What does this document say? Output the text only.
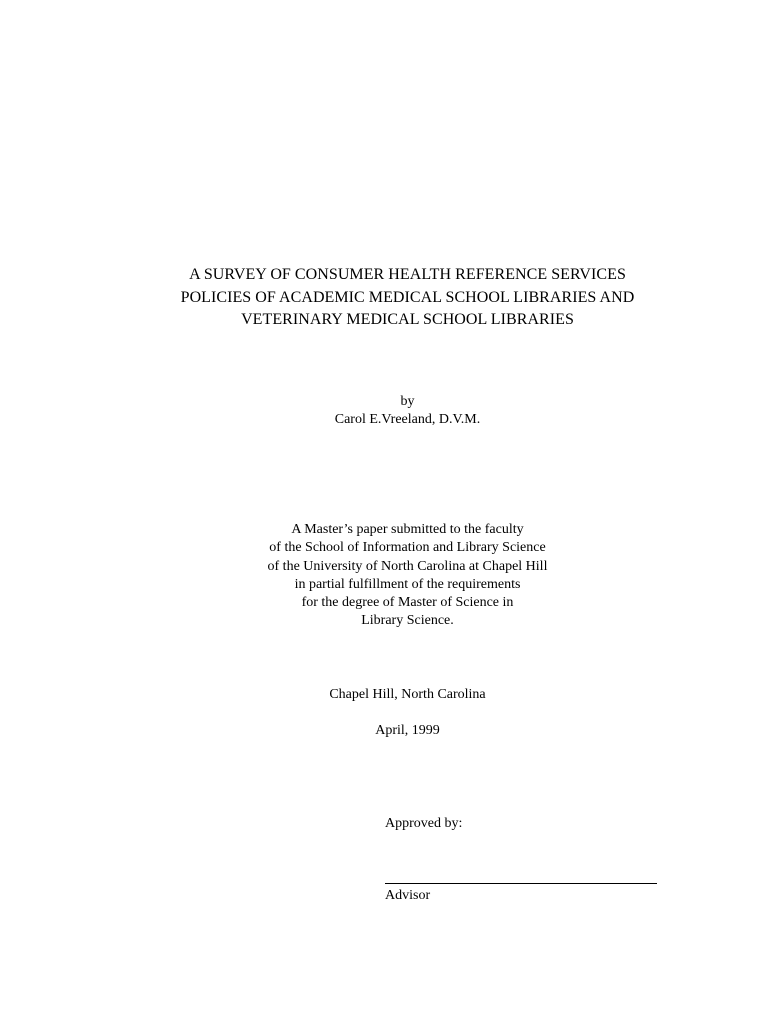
A SURVEY OF CONSUMER HEALTH REFERENCE SERVICES
POLICIES OF ACADEMIC MEDICAL SCHOOL LIBRARIES AND
VETERINARY MEDICAL SCHOOL LIBRARIES
by
Carol E.Vreeland, D.V.M.
A Master’s paper submitted to the faculty
of the School of Information and Library Science
of the University of North Carolina at Chapel Hill
in partial fulfillment of the requirements
for the degree of Master of Science in
Library Science.
Chapel Hill, North Carolina
April, 1999
Approved by:
Advisor
